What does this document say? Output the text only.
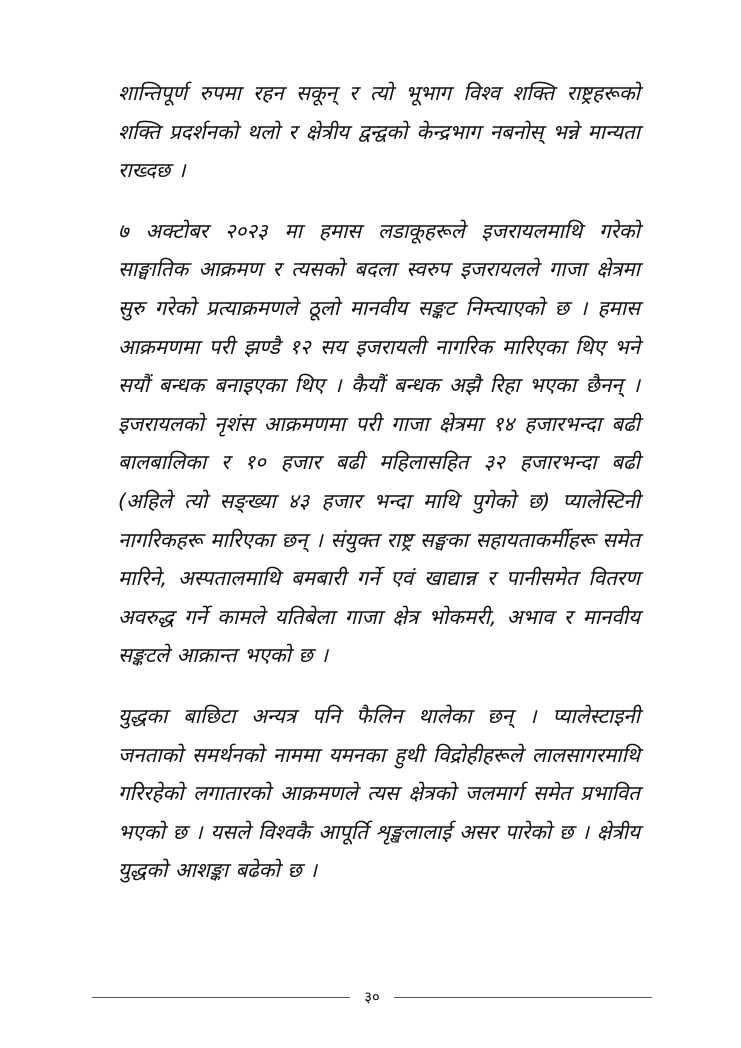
शान्तिपूर्ण रुपमा रहन सकून् र त्यो भूभाग विश्व शक्ति राष्ट्रहरूको शक्ति प्रदर्शनको थलो र क्षेत्रीय द्वन्द्वको केन्द्रभाग नबनोस् भन्ने मान्यता राख्दछ ।

७ अक्टोबर २०२३ मा हमास लडाकूहरूले इजरायलमाथि गरेको साङ्घातिक आक्रमण र त्यसको बदला स्वरुप इजरायलले गाजा क्षेत्रमा सुरु गरेको प्रत्याक्रमणले ठूलो मानवीय सङ्कट निम्त्याएको छ । हमास आक्रमणमा परी झण्डै १२ सय इजरायली नागरिक मारिएका थिए भने सयौं बन्धक बनाइएका थिए । कैयौं बन्धक अझै रिहा भएका छैनन् । इजरायलको नृशंस आक्रमणमा परी गाजा क्षेत्रमा १४ हजारभन्दा बढी बालबालिका र १० हजार बढी महिलासहित ३२ हजारभन्दा बढी (अहिले त्यो सङ्ख्या ४३ हजार भन्दा माथि पुगेको छ) प्यालेस्टिनी नागरिकहरू मारिएका छन् । संयुक्त राष्ट्र सङ्घका सहायताकर्मीहरू समेत मारिने, अस्पतालमाथि बमबारी गर्ने एवं खाद्यान्न र पानीसमेत वितरण अवरुद्ध गर्ने कामले यतिबेला गाजा क्षेत्र भोकमरी, अभाव र मानवीय सङ्कटले आक्रान्त भएको छ ।

युद्धका बाछिटा अन्यत्र पनि फैलिन थालेका छन् । प्यालेस्टाइनी जनताको समर्थनको नाममा यमनका हुथी विद्रोहीहरूले लालसागरमाथि गरिरहेको लगातारको आक्रमणले त्यस क्षेत्रको जलमार्ग समेत प्रभावित भएको छ । यसले विश्वकै आपूर्ति शृङ्खलालाई असर पारेको छ । क्षेत्रीय युद्धको आशङ्का बढेको छ ।

३०
